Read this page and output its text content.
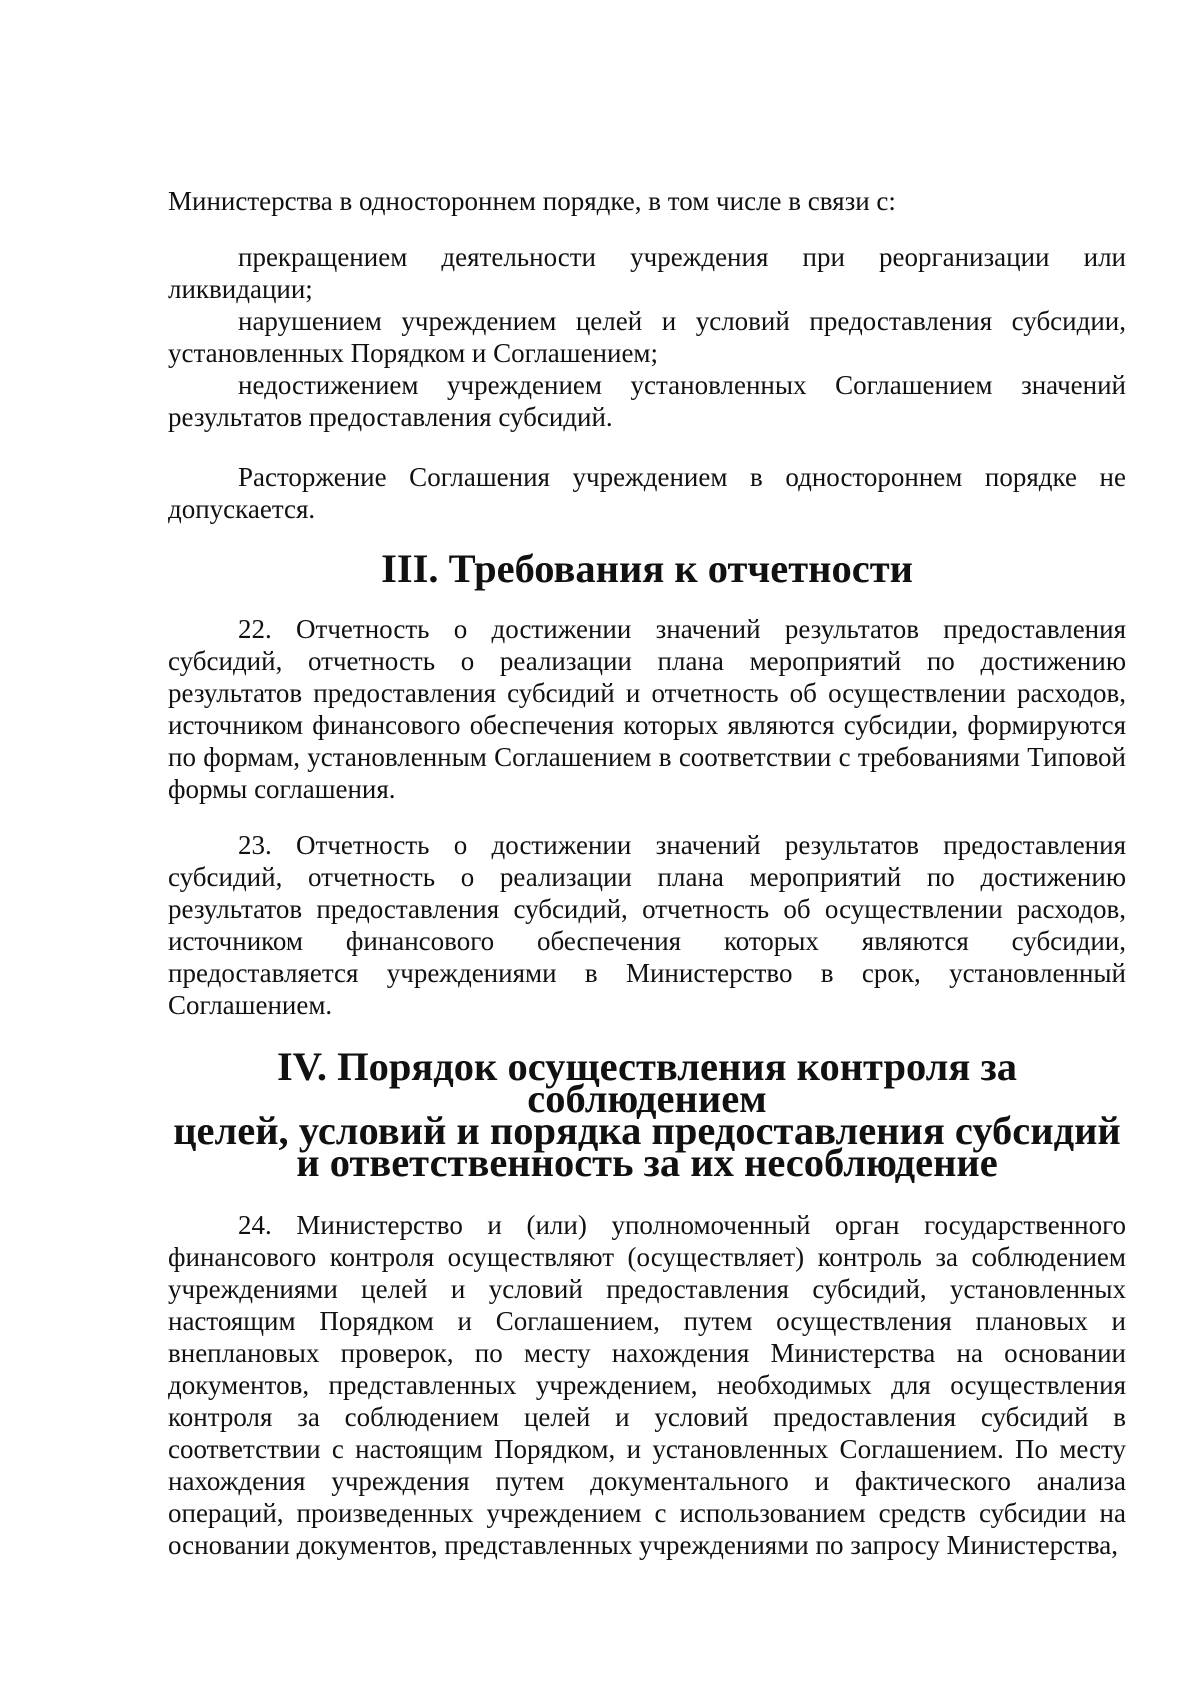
Министерства в одностороннем порядке, в том числе в связи с:

прекращением деятельности учреждения при реорганизации или ликвидации;

нарушением учреждением целей и условий предоставления субсидии, установленных Порядком и Соглашением;

недостижением учреждением установленных Соглашением значений результатов предоставления субсидий.

Расторжение Соглашения учреждением в одностороннем порядке не допускается.

III. Требования к отчетности

22. Отчетность о достижении значений результатов предоставления субсидий, отчетность о реализации плана мероприятий по достижению результатов предоставления субсидий и отчетность об осуществлении расходов, источником финансового обеспечения которых являются субсидии, формируются по формам, установленным Соглашением в соответствии с требованиями Типовой формы соглашения.

23. Отчетность о достижении значений результатов предоставления субсидий, отчетность о реализации плана мероприятий по достижению результатов предоставления субсидий, отчетность об осуществлении расходов, источником финансового обеспечения которых являются субсидии, предоставляется учреждениями в Министерство в срок, установленный Соглашением.

IV. Порядок осуществления контроля за соблюдением
целей, условий и порядка предоставления субсидий
и ответственность за их несоблюдение

24. Министерство и (или) уполномоченный орган государственного финансового контроля осуществляют (осуществляет) контроль за соблюдением учреждениями целей и условий предоставления субсидий, установленных настоящим Порядком и Соглашением, путем осуществления плановых и внеплановых проверок, по месту нахождения Министерства на основании документов, представленных учреждением, необходимых для осуществления контроля за соблюдением целей и условий предоставления субсидий в соответствии с настоящим Порядком, и установленных Соглашением. По месту нахождения учреждения путем документального и фактического анализа операций, произведенных учреждением с использованием средств субсидии на основании документов, представленных учреждениями по запросу Министерства,
